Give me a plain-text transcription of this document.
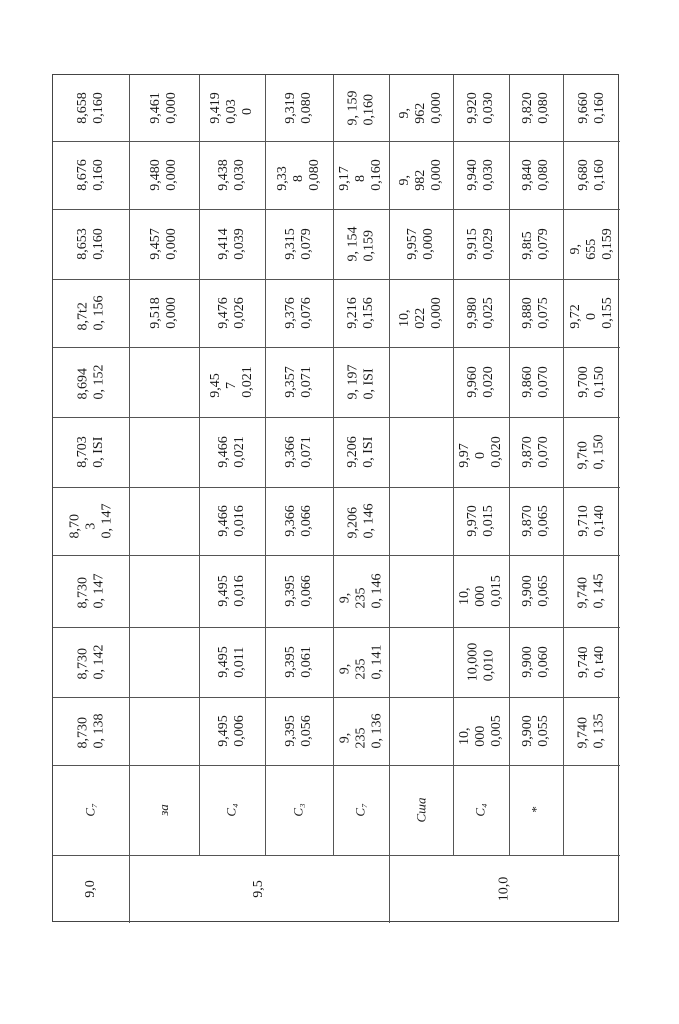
8,658 0,160
8,676 0,160
8,653 0,160
8,7t2 0, 156
8,694 0, 152
8,703 0, ISI
8,70
3 0, 147
8,730 0, 147
8,730 0, 142
8,730 0, 138
C₇
9,461 0,000
9,480 0,000
9,457 0,000
9,518 0,000
за
9,419 0,03
0
9,438 0,030
9,414 0,039
9,476 0,026
9,45
7 0,021
9,466 0,021
9,466 0,016
9,495 0,016
9,495 0,011
9,495 0,006
C₄
9,319 0,080
9,33
8 0,080
9,315 0,079
9,376 0,076
9,357 0,071
9,366 0,071
9,366 0,066
9,395 0,066
9,395 0,061
9,395 0,056
C₃
9, 159 0,160
9,17
8 0,160
9, 154 0,159
9,216 0,156
9, 197 0, ISI
9,206 0, ISI
9,206 0, 146
9,
235 0, 146
9,
235 0, 141
9,
235 0, 136
C₇
9,
962 0,000
9,
982 0,000
9,957 0,000
10,
022 0,000
Сша
9,920 0,030
9,940 0,030
9,915 0,029
9,980 0,025
9,960 0,020
9,97
0 0,020
9,970 0,015
10,
000 0,015
10,000 0,010
10,
000 0,005
C₄
9,820 0,080
9,840 0,080
9,8t5 0,079
9,880 0,075
9,860 0,070
9,870 0,070
9,870 0,065
9,900 0,065
9,900 0,060
9,900 0,055
*
9,660 0,160
9,680 0,160
9,
655 0,159
9,72
0 0,155
9,700 0,150
9,7t0 0, 150
9,710 0,140
9,740 0, 145
9,740 0, t40
9,740 0, 135
9,0	9,5	10,0
